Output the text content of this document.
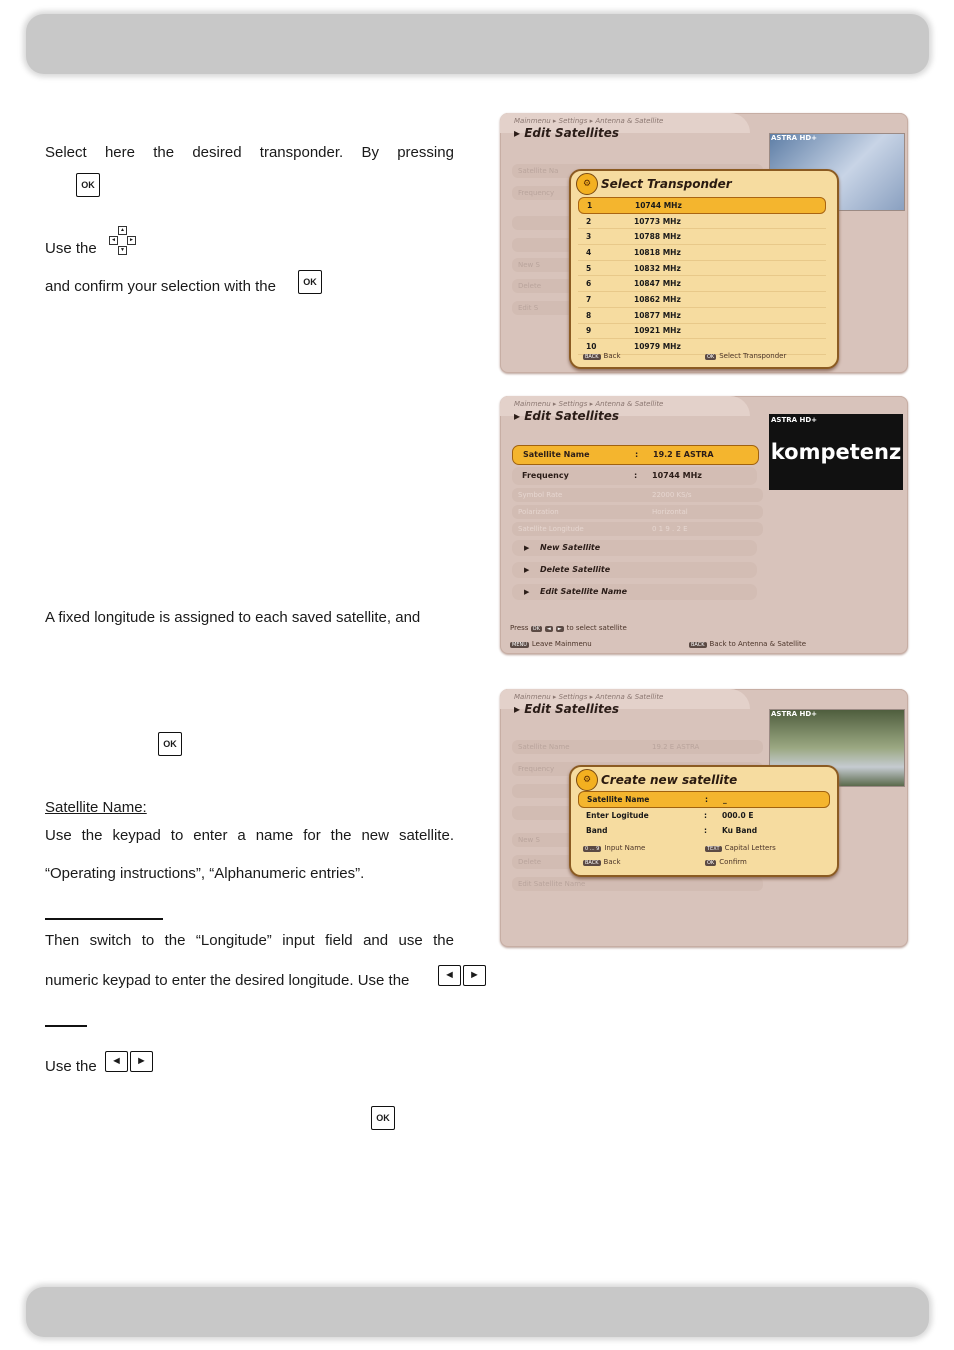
Select here the desired transponder. By pressing
OK
Use the
▲
◄	►
▼
and confirm your selection with the	OK
A fixed longitude is assigned to each saved satellite, and
OK
Satellite Name:
Use the keypad to enter a name for the new satellite.
“Operating instructions”, “Alphanumeric entries”.
Then switch to the “Longitude” input field and use the
numeric keypad to enter the desired longitude. Use the	◄	►
Use the	◄	►
OK
Mainmenu ▸ Settings ▸ Antenna & Satellite
▸ Edit Satellites	ASTRA HD+
Satellite Na
Frequency
New S
Delete
Edit S
⚙ Select Transponder
1	10744 MHz
2	10773 MHz
3	10788 MHz
4	10818 MHz
5	10832 MHz
6	10847 MHz
7	10862 MHz
8	10877 MHz
9	10921 MHz
10	10979 MHz
BACK Back	OK Select Transponder
Mainmenu ▸ Settings ▸ Antenna & Satellite
▸ Edit Satellites
kompetenz
ASTRA HD+
Satellite Name	: 19.2 E ASTRA
Frequency	: 10744 MHz
Symbol Rate	22000 KS/s
Polarization	Horizontal
Satellite Longitude	0 1 9 . 2 E
▶ New Satellite
▶ Delete Satellite
▶ Edit Satellite Name
Press OK ◄ ► to select satellite
MENU Leave Mainmenu	BACK Back to Antenna & Satellite
Mainmenu ▸ Settings ▸ Antenna & Satellite
▸ Edit Satellites	ASTRA HD+
Satellite Name	19.2 E ASTRA
Frequency
New S
Delete
Edit Satellite Name
⚙ Create new satellite
Satellite Name	: _
Enter Logitude	: 000.0 E
Band	: Ku Band
0 ... 9 Input Name	TEXT Capital Letters
BACK Back	OK Confirm
